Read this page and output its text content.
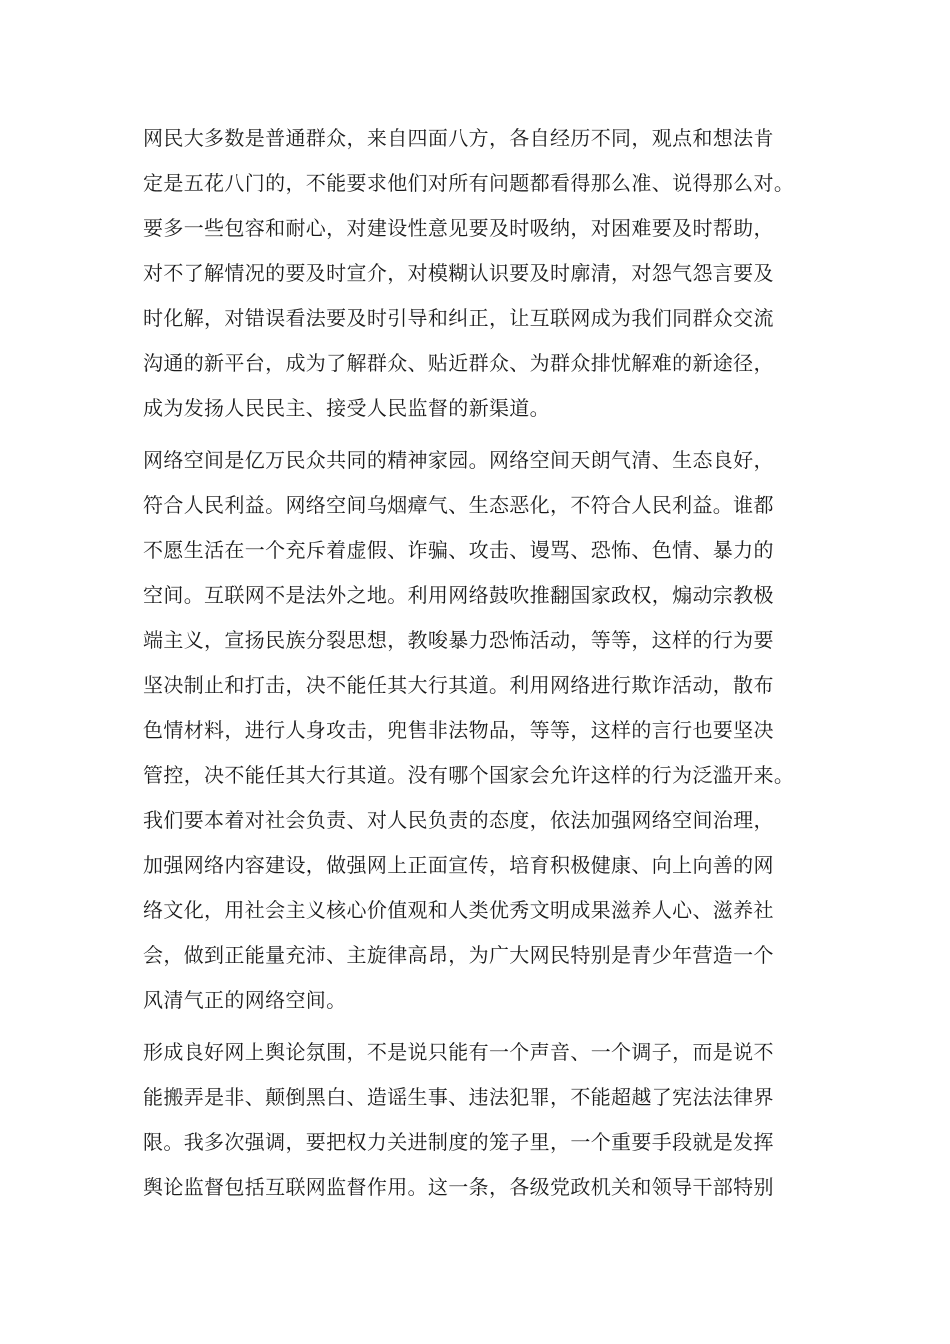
网民大多数是普通群众，来自四面八方，各自经历不同，观点和想法肯
定是五花八门的，不能要求他们对所有问题都看得那么准、说得那么对。
要多一些包容和耐心，对建设性意见要及时吸纳，对困难要及时帮助，
对不了解情况的要及时宣介，对模糊认识要及时廓清，对怨气怨言要及
时化解，对错误看法要及时引导和纠正，让互联网成为我们同群众交流
沟通的新平台，成为了解群众、贴近群众、为群众排忧解难的新途径，
成为发扬人民民主、接受人民监督的新渠道。

网络空间是亿万民众共同的精神家园。网络空间天朗气清、生态良好，
符合人民利益。网络空间乌烟瘴气、生态恶化，不符合人民利益。谁都
不愿生活在一个充斥着虚假、诈骗、攻击、谩骂、恐怖、色情、暴力的
空间。互联网不是法外之地。利用网络鼓吹推翻国家政权，煽动宗教极
端主义，宣扬民族分裂思想，教唆暴力恐怖活动，等等，这样的行为要
坚决制止和打击，决不能任其大行其道。利用网络进行欺诈活动，散布
色情材料，进行人身攻击，兜售非法物品，等等，这样的言行也要坚决
管控，决不能任其大行其道。没有哪个国家会允许这样的行为泛滥开来。
我们要本着对社会负责、对人民负责的态度，依法加强网络空间治理，
加强网络内容建设，做强网上正面宣传，培育积极健康、向上向善的网
络文化，用社会主义核心价值观和人类优秀文明成果滋养人心、滋养社
会，做到正能量充沛、主旋律高昂，为广大网民特别是青少年营造一个
风清气正的网络空间。

形成良好网上舆论氛围，不是说只能有一个声音、一个调子，而是说不
能搬弄是非、颠倒黑白、造谣生事、违法犯罪，不能超越了宪法法律界
限。我多次强调，要把权力关进制度的笼子里，一个重要手段就是发挥
舆论监督包括互联网监督作用。这一条，各级党政机关和领导干部特别
